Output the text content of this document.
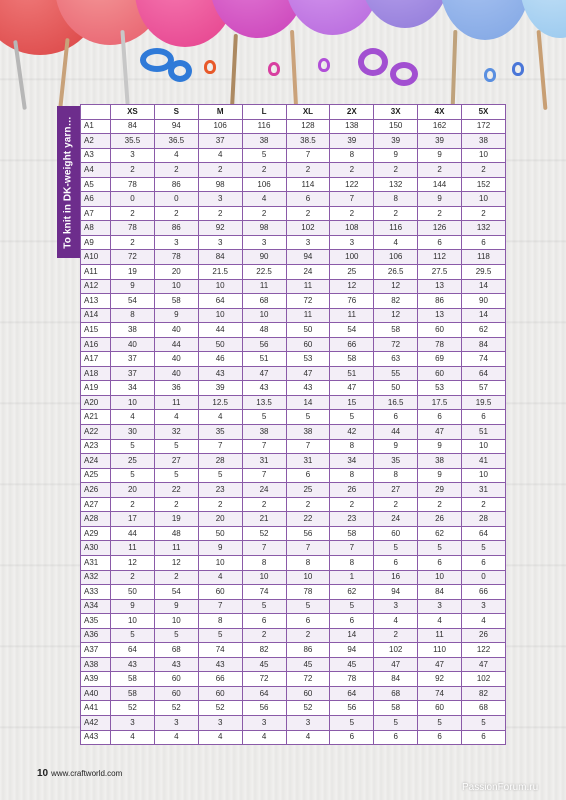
To knit in DK-weight yarn…
	XS	S	M	L	XL	2X	3X	4X	5X
A1	84	94	106	116	128	138	150	162	172
A2	35.5	36.5	37	38	38.5	39	39	39	38
A3	3	4	4	5	7	8	9	9	10
A4	2	2	2	2	2	2	2	2	2
A5	78	86	98	106	114	122	132	144	152
A6	0	0	3	4	6	7	8	9	10
A7	2	2	2	2	2	2	2	2	2
A8	78	86	92	98	102	108	116	126	132
A9	2	3	3	3	3	3	4	6	6
A10	72	78	84	90	94	100	106	112	118
A11	19	20	21.5	22.5	24	25	26.5	27.5	29.5
A12	9	10	10	11	11	12	12	13	14
A13	54	58	64	68	72	76	82	86	90
A14	8	9	10	10	11	11	12	13	14
A15	38	40	44	48	50	54	58	60	62
A16	40	44	50	56	60	66	72	78	84
A17	37	40	46	51	53	58	63	69	74
A18	37	40	43	47	47	51	55	60	64
A19	34	36	39	43	43	47	50	53	57
A20	10	11	12.5	13.5	14	15	16.5	17.5	19.5
A21	4	4	4	5	5	5	6	6	6
A22	30	32	35	38	38	42	44	47	51
A23	5	5	7	7	7	8	9	9	10
A24	25	27	28	31	31	34	35	38	41
A25	5	5	5	7	6	8	8	9	10
A26	20	22	23	24	25	26	27	29	31
A27	2	2	2	2	2	2	2	2	2
A28	17	19	20	21	22	23	24	26	28
A29	44	48	50	52	56	58	60	62	64
A30	11	11	9	7	7	7	5	5	5
A31	12	12	10	8	8	8	6	6	6
A32	2	2	4	10	10	1	16	10	0
A33	50	54	60	74	78	62	94	84	66
A34	9	9	7	5	5	5	3	3	3
A35	10	10	8	6	6	6	4	4	4
A36	5	5	5	2	2	14	2	11	26
A37	64	68	74	82	86	94	102	110	122
A38	43	43	43	45	45	45	47	47	47
A39	58	60	66	72	72	78	84	92	102
A40	58	60	60	64	60	64	68	74	82
A41	52	52	52	56	52	56	58	60	68
A42	3	3	3	3	3	5	5	5	5
A43	4	4	4	4	4	6	6	6	6
10 www.craftworld.com
PassionForum.ru
